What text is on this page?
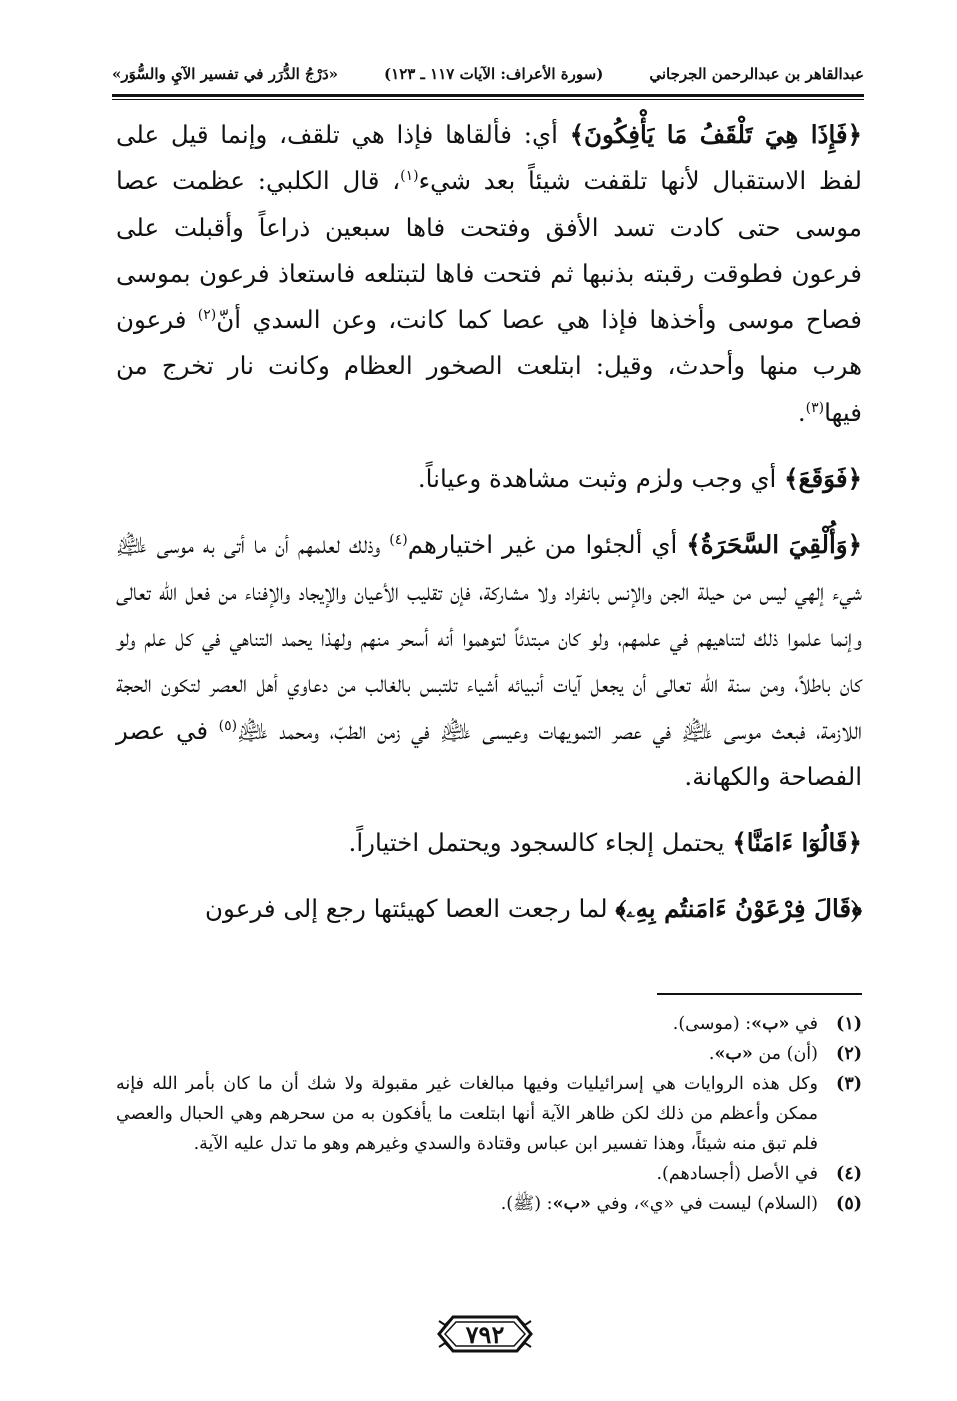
عبدالقاهر بن عبدالرحمن الجرجاني
(سورة الأعراف: الآيات ١١٧ ـ ١٢٣)
«دَرْجُ الدُّرَر في تفسير الآيِ والسُّوَر»

﴿فَإِذَا هِيَ تَلْقَفُ مَا يَأْفِكُونَ﴾ أي: فألقاها فإذا هي تلقف، وإنما قيل على لفظ الاستقبال لأنها تلقفت شيئاً بعد شيء$^{(١)}$، قال الكلبي: عظمت عصا موسى حتى كادت تسد الأفق وفتحت فاها سبعين ذراعاً وأقبلت على فرعون فطوقت رقبته بذنبها ثم فتحت فاها لتبتلعه فاستعاذ فرعون بموسى فصاح موسى وأخذها فإذا هي عصا كما كانت، وعن السدي أنّ$^{(٢)}$ فرعون هرب منها وأحدث، وقيل: ابتلعت الصخور العظام وكانت نار تخرج من فيها$^{(٣)}$.

﴿فَوَقَعَ﴾ أي وجب ولزم وثبت مشاهدة وعياناً.

﴿وَأُلْقِيَ السَّحَرَةُ﴾ أي ألجئوا من غير اختيارهم$^{(٤)}$ وذلك لعلمهم أن ما أتى به موسى ﵇ شيء إلهي ليس من حيلة الجن والإنس بانفراد ولا مشاركة، فإن تقليب الأعيان والإيجاد والإفناء من فعل الله تعالى وإنما علموا ذلك لتناهيهم في علمهم، ولو كان مبتدئاً لتوهموا أنه أسحر منهم ولهذا يحمد التناهي في كل علم ولو كان باطلاً، ومن سنة الله تعالى أن يجعل آيات أنبيائه أشياء تلتبس بالغالب من دعاوي أهل العصر لتكون الحجة اللازمة، فبعث موسى ﵇ في عصر التمويهات وعيسى ﵇ في زمن الطبّ، ومحمد ﵇$^{(٥)}$ في عصر الفصاحة والكهانة.

﴿قَالُوٓا ءَامَنَّا﴾ يحتمل إلجاء كالسجود ويحتمل اختياراً.

﴿قَالَ فِرْعَوْنُ ءَامَنتُم بِهِۦ﴾ لما رجعت العصا كهيئتها رجع إلى فرعون

(١)
في «ب»: (موسى).
(٢)
(أن) من «ب».
(٣)
وكل هذه الروايات هي إسرائيليات وفيها مبالغات غير مقبولة ولا شك أن ما كان بأمر الله فإنه ممكن وأعظم من ذلك لكن ظاهر الآية أنها ابتلعت ما يأفكون به من سحرهم وهي الحبال والعصي فلم تبق منه شيئاً، وهذا تفسير ابن عباس وقتادة والسدي وغيرهم وهو ما تدل عليه الآية.
(٤)
في الأصل (أجسادهم).
(٥)
(السلام) ليست في «ي»، وفي «ب»: (ﷺ).
٧٩٢
